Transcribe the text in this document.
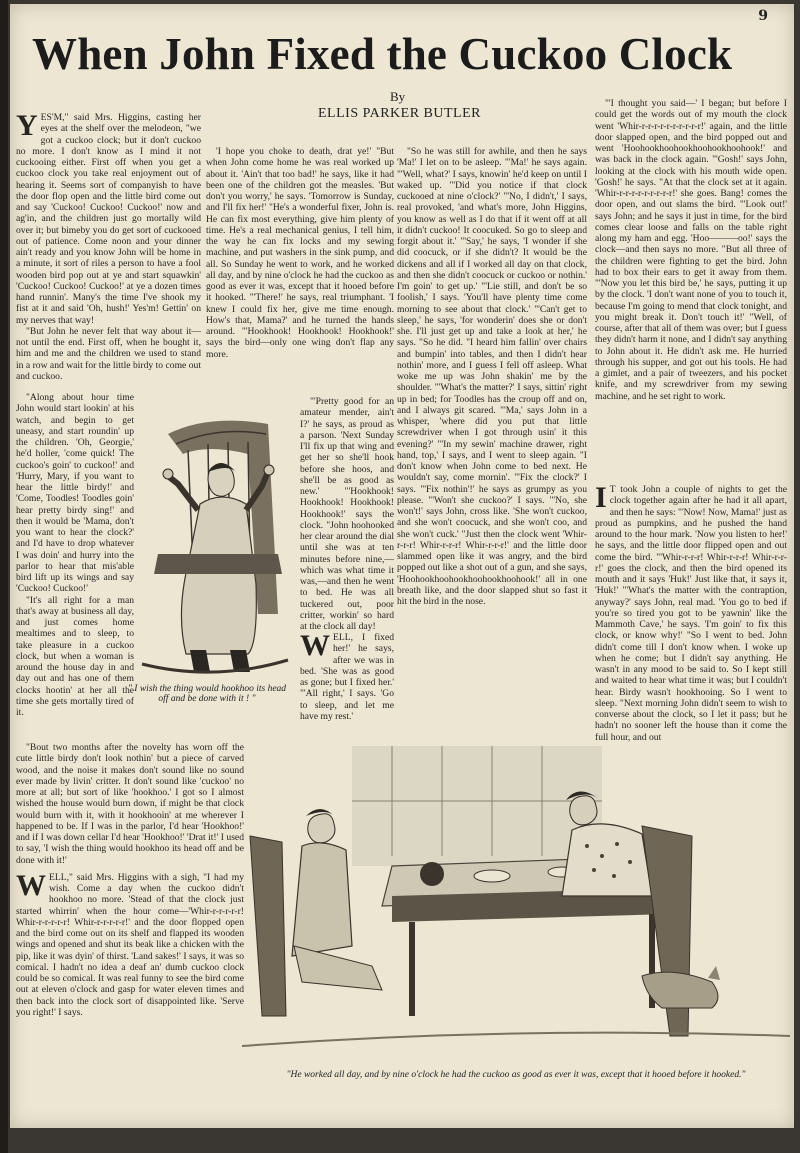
9
When John Fixed the Cuckoo Clock
By
ELLIS PARKER BUTLER

YES'M," said Mrs. Higgins, casting her eyes at the shelf over the melodeon, "we got a cuckoo clock; but it don't cuckoo no more. I don't know as I mind it not cuckooing either. First off when you get a cuckoo clock you take real enjoyment out of hearing it. Seems sort of companyish to have the door flop open and the little bird come out and say 'Cuckoo! Cuckoo! Cuckoo!' now and ag'in, and the children just go mortally wild over it; but bimeby you do get sort of cuckooed out of patience. Come noon and your dinner ain't ready and you know John will be home in a minute, it sort of riles a person to have a fool wooden bird pop out at ye and start squawkin' 'Cuckoo! Cuckoo! Cuckoo!' at ye a dozen times hand runnin'. Many's the time I've shook my fist at it and said 'Oh, hush!' Yes'm! Gettin' on my nerves that way!

"But John he never felt that way about it—not until the end. First off, when he bought it, him and me and the children we used to stand in a row and wait for the little birdy to come out and cuckoo.

"Along about hour time John would start lookin' at his watch, and begin to get uneasy, and start roundin' up the children. 'Oh, Georgie,' he'd holler, 'come quick! The cuckoo's goin' to cuckoo!' and 'Hurry, Mary, if you want to hear the little birdy!' and 'Come, Toodles! Toodles goin' hear pretty birdy sing!' and then it would be 'Mama, don't you want to hear the clock?' and I'd have to drop whatever I was doin' and hurry into the parlor to hear that mis'able bird lift up its wings and say 'Cuckoo! Cuckoo!'

"It's all right for a man that's away at business all day, and just comes home mealtimes and to sleep, to take pleasure in a cuckoo clock, but when a woman is around the house day in and day out and has one of them clocks hootin' at her all the time she gets mortally tired of it.

"Bout two months after the novelty has worn off the cute little birdy don't look nothin' but a piece of carved wood, and the noise it makes don't sound like no sound ever made by livin' critter. It don't sound like 'cuckoo' no more at all; but sort of like 'hookhoo.' I got so I almost wished the house would burn down, if might be that clock would burn with it, with it hookhooin' at me wherever I happened to be. If I was in the parlor, I'd hear 'Hookhoo!' and if I was down cellar I'd hear 'Hookhoo!' 'Drat it!' I used to say, 'I wish the thing would hookhoo its head off and be done with it!'

WELL," said Mrs. Higgins with a sigh, "I had my wish. Come a day when the cuckoo didn't hookhoo no more. 'Stead of that the clock just started whirrin' when the hour come—'Whir-r-r-r-r-r! Whir-r-r-r-r-r! Whir-r-r-r-r-r!' and the door flopped open and the bird come out on its shelf and flapped its wooden wings and opened and shut its beak like a chicken with the pip, like it was dyin' of thirst. 'Land sakes!' I says, it was so comical. I hadn't no idea a deaf an' dumb cuckoo clock could be so comical. It was real funny to see the bird come out at eleven o'clock and gasp for water eleven times and then back into the clock sort of disappointed like. 'Serve you right!' I says.

" I wish the thing would hookhoo its head off and be done with it ! "

'I hope you choke to death, drat ye!' "But when John come home he was real worked up about it. 'Ain't that too bad!' he says, like it had been one of the children got the measles. 'But don't you worry,' he says. 'Tomorrow is Sunday, and I'll fix her!' "He's a wonderful fixer, John is. He can fix most everything, give him plenty of time. He's a real mechanical genius, I tell him, the way he can fix locks and my sewing machine, and put washers in the sink pump, and all. So Sunday he went to work, and he worked all day, and by nine o'clock he had the cuckoo as good as ever it was, except that it hooed before it hooked. "'There!' he says, real triumphant. 'I knew I could fix her, give me time enough. How's that, Mama?' and he turned the hands around. "'Hookhook! Hookhook! Hookhook!' says the bird—only one wing don't flap any more.

"'Pretty good for an amateur mender, ain't I?' he says, as proud as a parson. 'Next Sunday I'll fix up that wing and get her so she'll hook before she hoos, and she'll be as good as new.' "'Hookhook! Hookhook! Hookhook! Hookhook!' says the clock. "John hoohooked her clear around the dial until she was at ten minutes before nine,—which was what time it was,—and then he went to bed. He was all tuckered out, poor critter, workin' so hard at the clock all day!

WELL, I fixed her!' he says, after we was in bed. 'She was as good as gone; but I fixed her.' "'All right,' I says. 'Go to sleep, and let me have my rest.'

"So he was still for awhile, and then he says 'Ma!' I let on to be asleep. "'Ma!' he says again. "'Well, what?' I says, knowin' he'd keep on until I waked up. "'Did you notice if that clock cuckooed at nine o'clock?' "'No, I didn't,' I says, real provoked, 'and what's more, John Higgins, you know as well as I do that if it went off at all it didn't cuckoo! It coocuked. So go to sleep and forgit about it.' "'Say,' he says, 'I wonder if she did coocuck, or if she didn't? It would be the dickens and all if I worked all day on that clock, and then she didn't coocuck or cuckoo or nothin.' I'm goin' to get up.' "'Lie still, and don't be so foolish,' I says. 'You'll have plenty time come morning to see about that clock.' "'Can't get to sleep,' he says, 'for wonderin' does she or don't she. I'll just get up and take a look at her,' he says. "So he did. "I heard him fallin' over chairs and bumpin' into tables, and then I didn't hear nothin' more, and I guess I fell off asleep. What woke me up was John shakin' me by the shoulder. "'What's the matter?' I says, sittin' right up in bed; for Toodles has the croup off and on, and I always git scared. "'Ma,' says John in a whisper, 'where did you put that little screwdriver when I got through usin' it this evening?' "'In my sewin' machine drawer, right hand, top,' I says, and I went to sleep again. "I don't know when John come to bed next. He wouldn't say, come mornin'. "'Fix the clock?' I says. "'Fix nothin'!' he says as grumpy as you please. "'Won't she cuckoo?' I says. "'No, she won't!' says John, cross like. 'She won't cuckoo, and she won't coocuck, and she won't coo, and she won't cuck.' "Just then the clock went 'Whir-r-r-r! Whir-r-r-r! Whir-r-r-r!' and the little door slammed open like it was angry, and the bird popped out like a shot out of a gun, and she says, 'Hoohookhoohookhoohookhoohook!' all in one breath like, and the door slapped shut so fast it hit the bird in the nose.

"'I thought you said—' I began; but before I could get the words out of my mouth the clock went 'Whir-r-r-r-r-r-r-r-r-r-r!' again, and the little door slapped open, and the bird popped out and went 'Hoohookhoohookhoohookhoohook!' and was back in the clock again. "'Gosh!' says John, looking at the clock with his mouth wide open. 'Gosh!' he says. "At that the clock set at it again. 'Whir-r-r-r-r-r-r-r-r-r!' she goes. Bang! comes the door open, and out slams the bird. "'Look out!' says John; and he says it just in time, for the bird comes clear loose and falls on the table right along my ham and egg. 'Hoo———oo!' says the clock—and then says no more. "But all three of the children were fighting to get the bird. John had to box their ears to get it away from them. "'Now you let this bird be,' he says, putting it up by the clock. 'I don't want none of you to touch it, because I'm going to mend that clock tonight, and you might break it. Don't touch it!' "Well, of course, after that all of them was over; but I guess they didn't harm it none, and I didn't say anything to John about it. He didn't ask me. He hurried through his supper, and got out his tools. He had a gimlet, and a pair of tweezers, and his pocket knife, and my screwdriver from my sewing machine, and he set right to work.

I T took John a couple of nights to get the clock together again after he had it all apart, and then he says: "'Now! Now, Mama!' just as proud as pumpkins, and he pushed the hand around to the hour mark. 'Now you listen to her!' he says, and the little door flipped open and out come the bird. "'Whir-r-r-r! Whir-r-r-r! Whir-r-r-r!' goes the clock, and then the bird opened its mouth and it says 'Huk!' Just like that, it says it, 'Huk!' "'What's the matter with the contraption, anyway?' says John, real mad. 'You go to bed if you're so tired you got to be yawnin' like the Mammoth Cave,' he says. 'I'm goin' to fix this clock, or know why!' "So I went to bed. John didn't come till I don't know when. I woke up when he come; but I didn't say anything. He wasn't in any mood to be said to. So I kept still and waited to hear what time it was; but I couldn't hear. Birdy wasn't hookhooing. So I went to sleep. "Next morning John didn't seem to wish to converse about the clock, so I let it pass; but he hadn't no sooner left the house than it come the full hour, and out

"He worked all day, and by nine o'clock he had the cuckoo as good as ever it was, except that it hooed before it hooked."
